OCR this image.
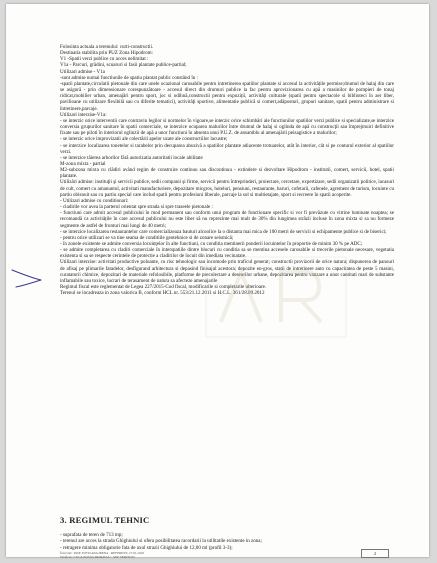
Folosinta actuala a terenului: curti-constructii.

Destinatia stabilita prin PUZ Zona Hipodrom:

V1 -Spatii verzi publice cu acces nelimitat :

V1a - Parcuri, grădini, scuaruri si fasii plantate publice-partial;

Utilizari admise - V1a

-sunt admise numai functiunile de spatiu plantat public constând în :

-spatii plantate,circulatii pietonale din care unele ocazional carosabile pentru intretinerea spatiilor plantate si accesul la activitățile permise;drumul de halaj din care se asigură - prin dimensionare corespunzătoare - accesul direct din drumuri publice la fac pentru aprovizionarea cu apă a masinilor de pompieri de tonaj ridicat,mobilier urban, amenajări pentru sport, joc si odihnă,constructii pentru expoziții, activități culturale (spatii pentru spectacole si biblioteci în aer liber, pavilioane cu utilizare flexibilă sau cu diferite tematici), activităţi sportive, alimentatie publică si comert,adăposturi, grupuri sanitare, spatii pentru administrare si întretinere,parcaje.

Utilizari interzise-V1a:

- se interzic orice interventii care contravin legilor si normelor în vigoare,se interzic orice schimbări ale functiunilor spatiilor verzi publice si specializate,se interzice conversia grupurilor sanitare în spatii comerciale, se interzice ocuparea malurilor între drumul de halaj si oglinda de apă cu construcţii sau împrejmuiri definitive fixate sau pe piloti în interiorul oglinzii de apă a unor functiuni în absenta unui P.U.Z. de ansamblu al amenajării peisagistice a malurilor;

- se interzic orice improvizatii ale colectării apelor uzate ale constructiilor lacustre;

- se interzice localizarea tonetelor si tarabelor prin decuparea abuzivă a spatiilor plantate adiacente trotuarelor, atât în interior, cât si pe conturul exterior al spatiilor verzi.

- se interzice tăierea arborilor fără autorizatia autoritatii locale abilitate

M-zona mixta - partial

M2-subzona mixta cu clădiri având regim de construire continuu sau discontinuu - extindere si dezvoltare Hipodrom - institutii, comert, servicii, hotel, spatii plantate.

Utilizări admise: instituţii şi servicii publice, sedii companii şi firme, servicii pentru întreprinderi, proiectare, cercetare, expertizare, sedii organizatii politice, lacasuri de cult, comert cu amanuntul, activitati manufacturiere, depozitare micgros, hoteluri, pensiuni, restaurante, baruri, cofetarii, cafenele, agrement de turism, locuinte cu partiu obisnuit sau cu partiu special care includ spatii pentru profesiuni liberale, parcaje la sol si multietajate, sport si recreere în spatii acoperite.

- Utilizari admise cu conditionari:

- cladirile vor avea la parterul orientat spre strada si spre traseele pietonale :

- functiuni care admit accesul publicului în mod permanent sau conform unui program de functionare specific si vor fi prevăzute cu vitrine luminate noaptea; se recomandă ca activitățile în care accesul publicului nu este liber să nu reprezinte mai mult de 30% din lungimea străzii incluse în zona mixta si sa nu formeze segmente de astfel de fronturi mai lungi de 40 metri;

- se interzice localizarea restaurantelor care comercializeaza bauturi alcoolice la o distanta mai mica de 100 metri de servicii si echipamente publice si de biserici;

- pentru orice utilizari se va tine seama de conditiile geotehnice si de zonare seismică;

- în zonele existente se admite conversia locuinţelor în alte functiuni, cu conditia mentinerii ponderii locuintelor în proportie de minim 30 % pe ADC;

- se admite completarea cu cladiri comerciale în interspatiile dintre blocuri cu conditia sa se mentina accesele carosabile si trecerile pietonale necesare, vegetatia existenta si sa se respecte cerintele de protectie a cladirilor de locuit din imediata vecinatate.

Utilizari interzise: activitati productive poluante, cu risc tehnologic sau incomode prin traficul generat; constructii provizorii de orice natura; dispunerea de panouri de afisaj pe plimarile fatadelor, desfigurand arhitectura si depasind finisajul acestora; depozite en-gros, statii de intretinere auto cu capacitatea de peste 5 masini, curatatorii chimice, depozitari de materiale refolosibile, platforme de precolectare a deseurilor urbane, depozitarea pentru vanzare a unor cantitati mari de substante inflamabile sau toxice, lucrari de terasament de natura sa afecteze amenajarile

Regimul fiscal este reglementat de Legea 227/2015-Cod fiscal, modificarile si completarile ulterioare.

Terenul se incadreaza in zona valorica B, conform HCL nr. 553/21.12.2011 si H.C.L. 361/28.09.2012

3. REGIMUL TEHNIC

- suprafata de teren de 713 mp;

- terenul are acces la strada Ghighiului si ofera posibilitatea racordarii la utilitatile existente in zona;

- retragere minima obligatorie fata de axul strazii Ghighiului de 12,00 ml (profil 3-3);

Întocmit: TASE SVETLANA IRENA - REFERENT, 27.01.2026
Verificat: COCA ELENA PATRASCU - SEF SERVICIU
2
